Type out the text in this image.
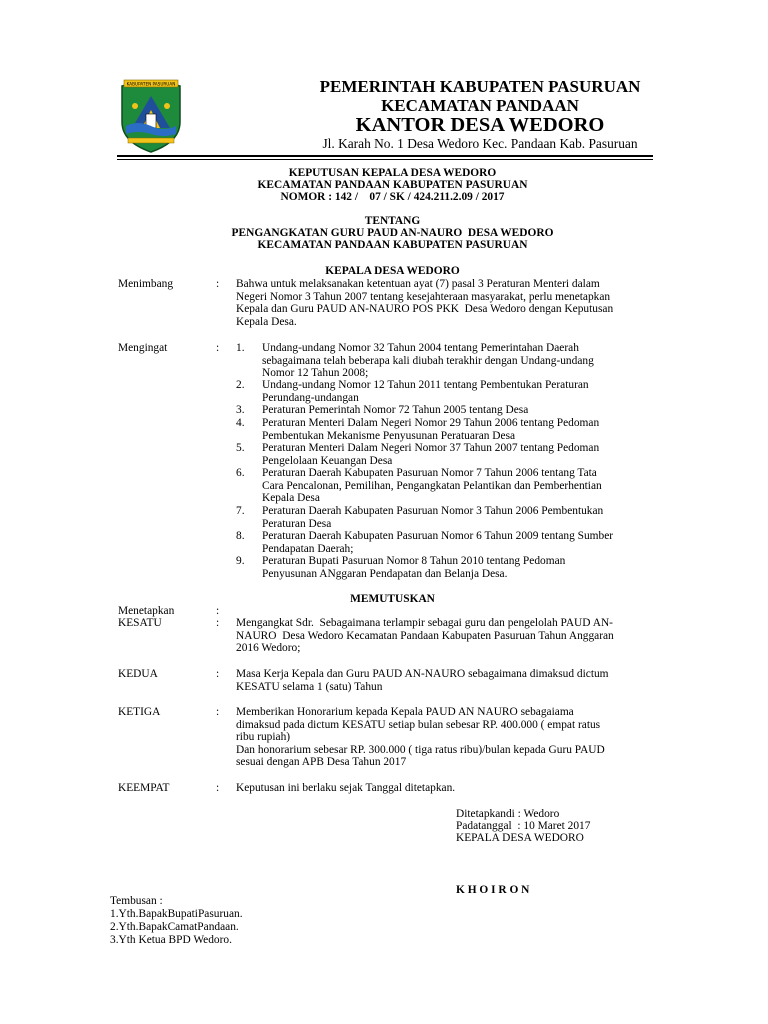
KABUPATEN PASURUAN	PEMERINTAH KABUPATEN PASURUAN
KECAMATAN PANDAAN
KANTOR DESA WEDORO
Jl. Karah No. 1 Desa Wedoro Kec. Pandaan Kab. Pasuruan
KEPUTUSAN KEPALA DESA WEDORO
KECAMATAN PANDAAN KABUPATEN PASURUAN
NOMOR : 142 /    07 / SK / 424.211.2.09 / 2017
TENTANG
PENGANGKATAN GURU PAUD AN-NAURO  DESA WEDORO
KECAMATAN PANDAAN KABUPATEN PASURUAN
KEPALA DESA WEDORO
Menimbang	: Bahwa untuk melaksanakan ketentuan ayat (7) pasal 3 Peraturan Menteri dalam
Negeri Nomor 3 Tahun 2007 tentang kesejahteraan masyarakat, perlu menetapkan
Kepala dan Guru PAUD AN-NAURO POS PKK  Desa Wedoro dengan Keputusan
Kepala Desa.
Mengingat	: 1. Undang-undang Nomor 32 Tahun 2004 tentang Pemerintahan Daerah
sebagaimana telah beberapa kali diubah terakhir dengan Undang-undang
Nomor 12 Tahun 2008;
2. Undang-undang Nomor 12 Tahun 2011 tentang Pembentukan Peraturan
Perundang-undangan
3. Peraturan Pemerintah Nomor 72 Tahun 2005 tentang Desa
4. Peraturan Menteri Dalam Negeri Nomor 29 Tahun 2006 tentang Pedoman
Pembentukan Mekanisme Penyusunan Peratuaran Desa
5. Peraturan Menteri Dalam Negeri Nomor 37 Tahun 2007 tentang Pedoman
Pengelolaan Keuangan Desa
6. Peraturan Daerah Kabupaten Pasuruan Nomor 7 Tahun 2006 tentang Tata
Cara Pencalonan, Pemilihan, Pengangkatan Pelantikan dan Pemberhentian
Kepala Desa
7. Peraturan Daerah Kabupaten Pasuruan Nomor 3 Tahun 2006 Pembentukan
Peraturan Desa
8. Peraturan Daerah Kabupaten Pasuruan Nomor 6 Tahun 2009 tentang Sumber
Pendapatan Daerah;
9. Peraturan Bupati Pasuruan Nomor 8 Tahun 2010 tentang Pedoman
Penyusunan ANggaran Pendapatan dan Belanja Desa.
MEMUTUSKAN
Menetapkan	:
KESATU	: Mengangkat Sdr.  Sebagaimana terlampir sebagai guru dan pengelolah PAUD AN-
NAURO  Desa Wedoro Kecamatan Pandaan Kabupaten Pasuruan Tahun Anggaran
2016 Wedoro;
KEDUA	: Masa Kerja Kepala dan Guru PAUD AN-NAURO sebagaimana dimaksud dictum
KESATU selama 1 (satu) Tahun
KETIGA	: Memberikan Honorarium kepada Kepala PAUD AN NAURO sebagaiama
dimaksud pada dictum KESATU setiap bulan sebesar RP. 400.000 ( empat ratus
ribu rupiah)
Dan honorarium sebesar RP. 300.000 ( tiga ratus ribu)/bulan kepada Guru PAUD
sesuai dengan APB Desa Tahun 2017
KEEMPAT	: Keputusan ini berlaku sejak Tanggal ditetapkan.
Ditetapkandi : Wedoro
Padatanggal  : 10 Maret 2017
KEPALA DESA WEDORO
K H O I R O N
Tembusan :
1.Yth.BapakBupatiPasuruan.
2.Yth.BapakCamatPandaan.
3.Yth Ketua BPD Wedoro.
